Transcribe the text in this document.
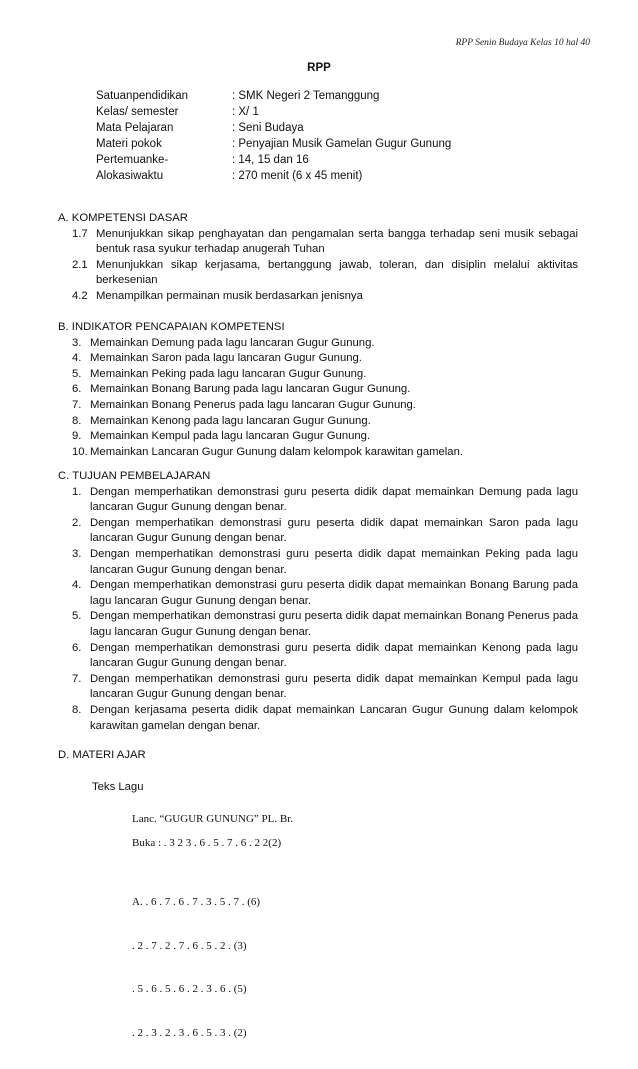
RPP Senin Budaya Kelas 10 hal 40
RPP
Satuanpendidikan	: SMK Negeri 2 Temanggung
Kelas/ semester	: X/ 1
Mata Pelajaran	: Seni Budaya
Materi pokok	: Penyajian Musik Gamelan Gugur Gunung
Pertemuanke-	: 14, 15 dan 16
Alokasiwaktu	: 270 menit (6 x 45 menit)
A. KOMPETENSI DASAR
1.7 Menunjukkan sikap penghayatan dan pengamalan serta bangga terhadap seni musik sebagai bentuk rasa syukur terhadap anugerah Tuhan
2.1 Menunjukkan sikap kerjasama, bertanggung jawab, toleran, dan disiplin melalui aktivitas berkesenian
4.2 Menampilkan permainan musik berdasarkan jenisnya
B. INDIKATOR PENCAPAIAN KOMPETENSI
3. Memainkan Demung pada lagu lancaran Gugur Gunung.
4. Memainkan Saron pada lagu lancaran Gugur Gunung.
5. Memainkan Peking pada lagu lancaran Gugur Gunung.
6. Memainkan Bonang Barung pada lagu lancaran Gugur Gunung.
7. Memainkan Bonang Penerus pada lagu lancaran Gugur Gunung.
8. Memainkan Kenong pada lagu lancaran Gugur Gunung.
9. Memainkan Kempul pada lagu lancaran Gugur Gunung.
10. Memainkan Lancaran Gugur Gunung dalam kelompok karawitan gamelan.
C. TUJUAN PEMBELAJARAN
1. Dengan memperhatikan demonstrasi guru peserta didik dapat memainkan Demung pada lagu lancaran Gugur Gunung dengan benar.
2. Dengan memperhatikan demonstrasi guru peserta didik dapat memainkan Saron pada lagu lancaran Gugur Gunung dengan benar.
3. Dengan memperhatikan demonstrasi guru peserta didik dapat memainkan Peking pada lagu lancaran Gugur Gunung dengan benar.
4. Dengan memperhatikan demonstrasi guru peserta didik dapat memainkan Bonang Barung pada lagu lancaran Gugur Gunung dengan benar.
5. Dengan memperhatikan demonstrasi guru peserta didik dapat memainkan Bonang Penerus pada lagu lancaran Gugur Gunung dengan benar.
6. Dengan memperhatikan demonstrasi guru peserta didik dapat memainkan Kenong pada lagu lancaran Gugur Gunung dengan benar.
7. Dengan memperhatikan demonstrasi guru peserta didik dapat memainkan Kempul pada lagu lancaran Gugur Gunung dengan benar.
8. Dengan kerjasama peserta didik dapat memainkan Lancaran Gugur Gunung dalam kelompok karawitan gamelan dengan benar.
D. MATERI AJAR
Teks Lagu
Lanc. “GUGUR GUNUNG” PL. Br.
Buka : . 3 2 3 . 6 . 5 . 7 . 6 . 2 2(2)

A. . 6 . 7 . 6 . 7 . 3 . 5 . 7 . (6)

. 2 . 7 . 2 . 7 . 6 . 5 . 2 . (3)

. 5 . 6 . 5 . 6 . 2 . 3 . 6 . (5)

. 2 . 3 . 2 . 3 . 6 . 5 . 3 . (2)
